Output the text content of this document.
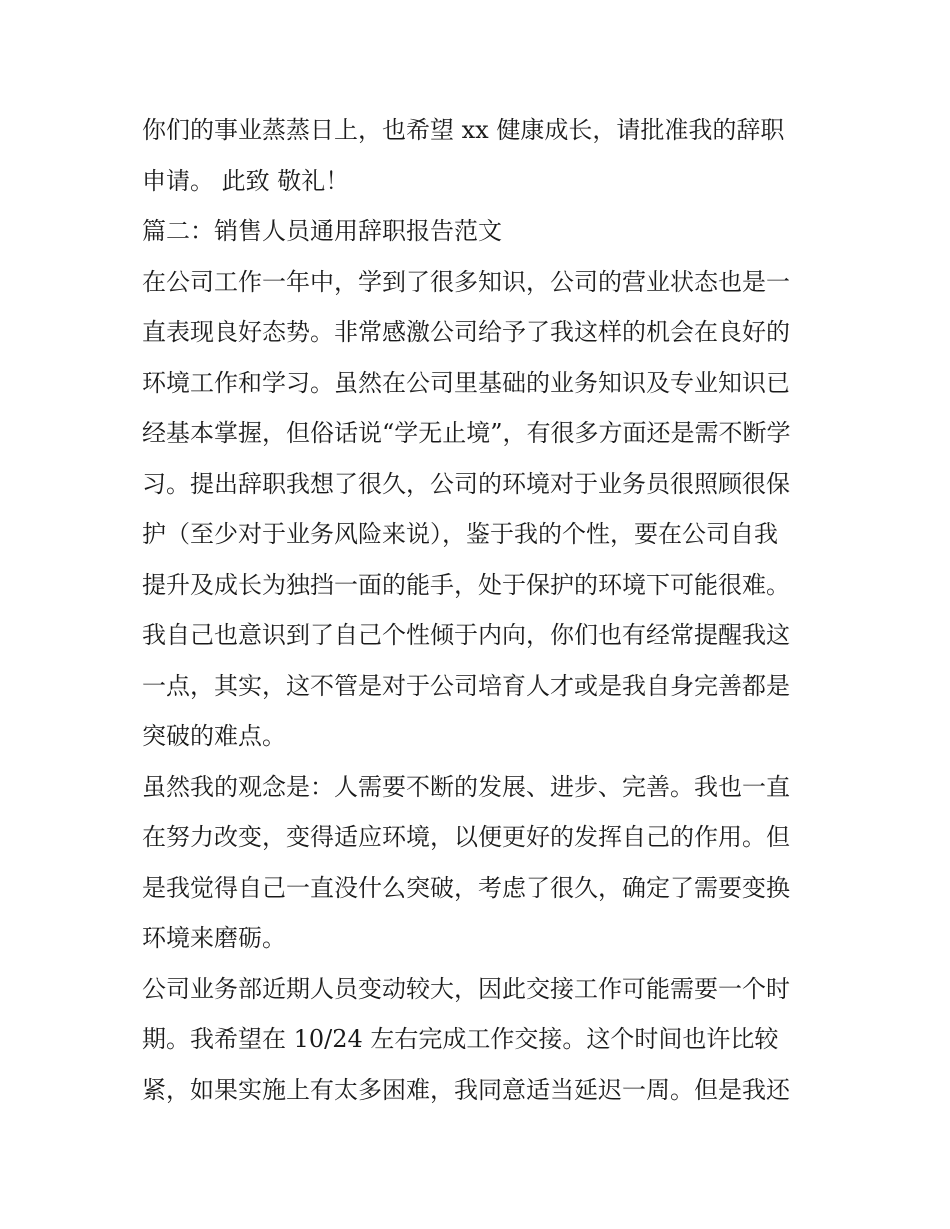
你们的事业蒸蒸日上，也希望 xx 健康成长，请批准我的辞职
申请。 此致 敬礼！
篇二：销售人员通用辞职报告范文
在公司工作一年中，学到了很多知识，公司的营业状态也是一
直表现良好态势。非常感激公司给予了我这样的机会在良好的
环境工作和学习。虽然在公司里基础的业务知识及专业知识已
经基本掌握，但俗话说“学无止境”，有很多方面还是需不断学
习。提出辞职我想了很久，公司的环境对于业务员很照顾很保
护（至少对于业务风险来说），鉴于我的个性，要在公司自我
提升及成长为独挡一面的能手，处于保护的环境下可能很难。
我自己也意识到了自己个性倾于内向，你们也有经常提醒我这
一点，其实，这不管是对于公司培育人才或是我自身完善都是
突破的难点。
虽然我的观念是：人需要不断的发展、进步、完善。我也一直
在努力改变，变得适应环境，以便更好的发挥自己的作用。但
是我觉得自己一直没什么突破，考虑了很久，确定了需要变换
环境来磨砺。
公司业务部近期人员变动较大，因此交接工作可能需要一个时
期。我希望在 10/24 左右完成工作交接。这个时间也许比较
紧，如果实施上有太多困难，我同意适当延迟一周。但是我还
